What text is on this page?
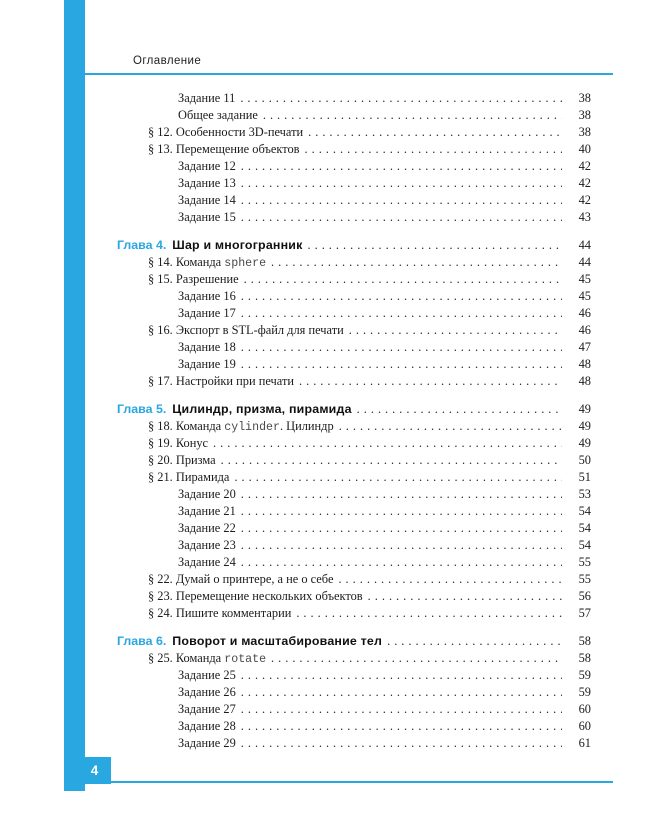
Оглавление
Задание 11 .....	38
Общее задание .....	38
§ 12. Особенности 3D-печати .....	38
§ 13. Перемещение объектов .....	40
Задание 12 .....	42
Задание 13 .....	42
Задание 14 .....	42
Задание 15 .....	43
Глава 4. Шар и многогранник .....	44
§ 14. Команда sphere .....	44
§ 15. Разрешение .....	45
Задание 16 .....	45
Задание 17 .....	46
§ 16. Экспорт в STL-файл для печати .....	46
Задание 18 .....	47
Задание 19 .....	48
§ 17. Настройки при печати .....	48
Глава 5. Цилиндр, призма, пирамида .....	49
§ 18. Команда cylinder. Цилиндр .....	49
§ 19. Конус .....	49
§ 20. Призма .....	50
§ 21. Пирамида .....	51
Задание 20 .....	53
Задание 21 .....	54
Задание 22 .....	54
Задание 23 .....	54
Задание 24 .....	55
§ 22. Думай о принтере, а не о себе .....	55
§ 23. Перемещение нескольких объектов .....	56
§ 24. Пишите комментарии .....	57
Глава 6. Поворот и масштабирование тел .....	58
§ 25. Команда rotate .....	58
Задание 25 .....	59
Задание 26 .....	59
Задание 27 .....	60
Задание 28 .....	60
Задание 29 .....	61
4
